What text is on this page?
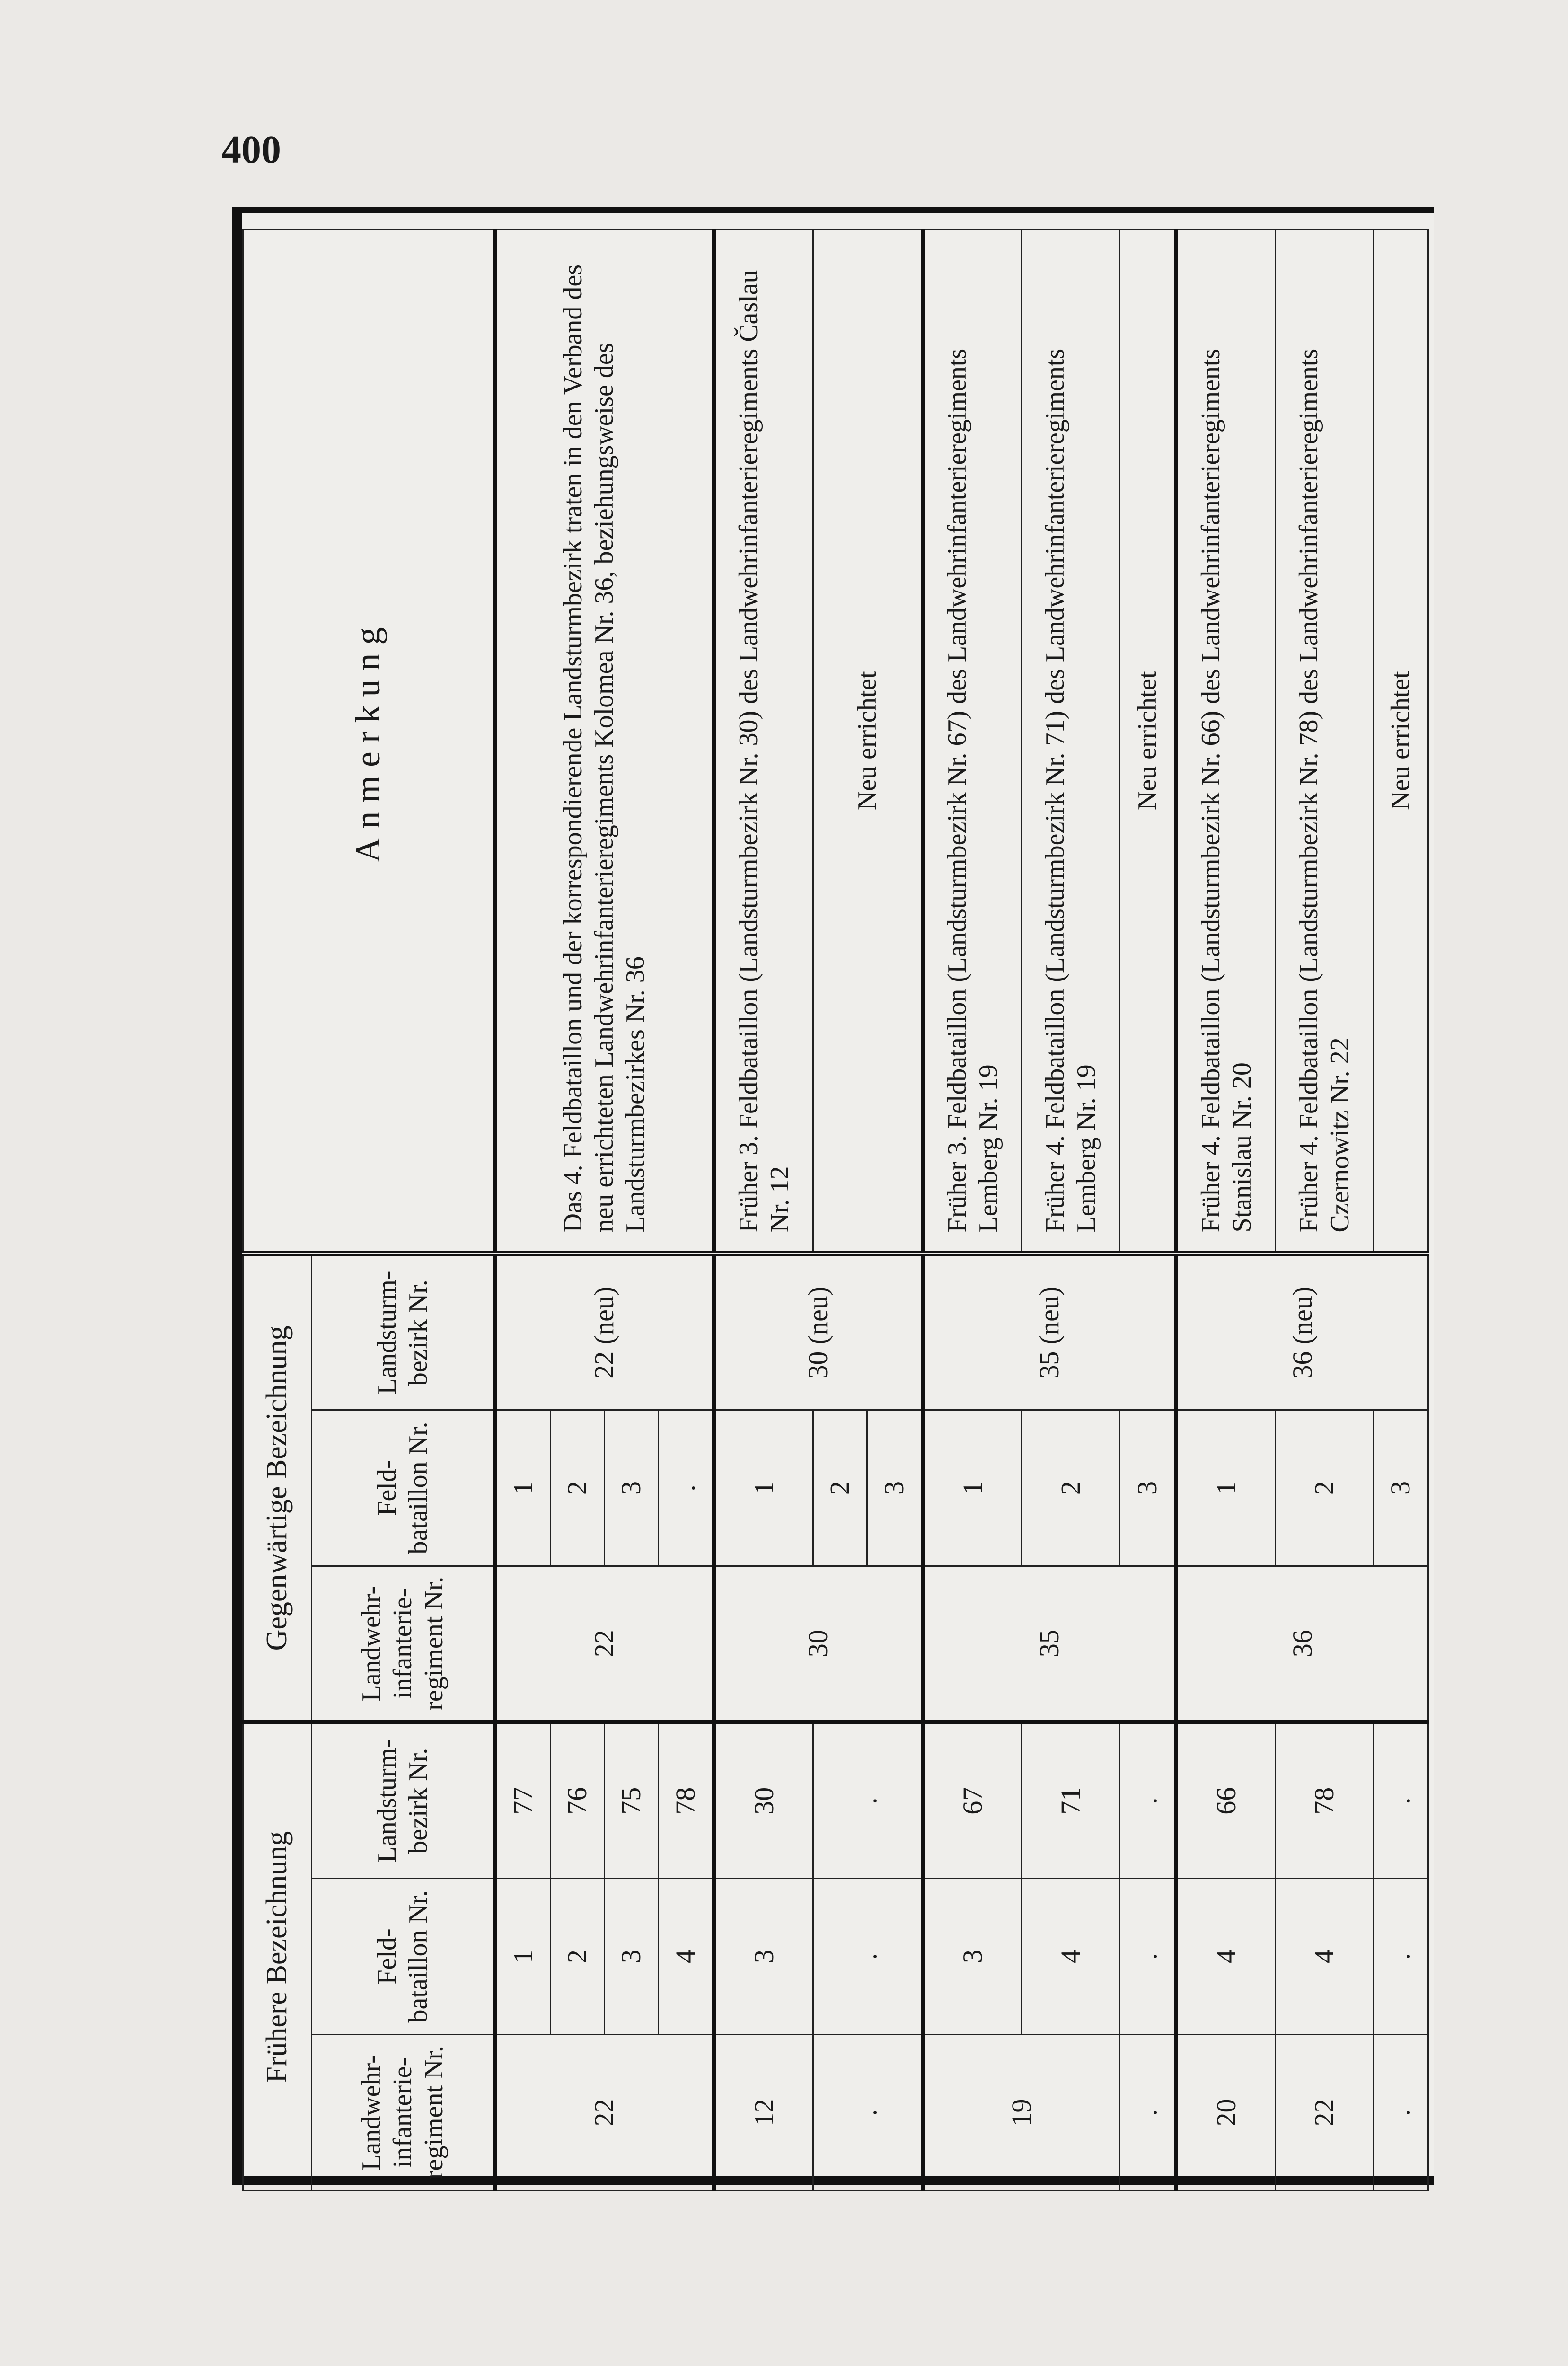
400
Frühere Bezeichnung			Gegenwärtige Bezeichnung			Anmerkung
Landwehr-infanterie-regiment Nr.	Feld-bataillon Nr.	Landsturm-bezirk Nr.	Landwehr-infanterie-regiment Nr.	Feld-bataillon Nr.	Landsturm-bezirk Nr.	
22	1	77	22	1	22 (neu)	Das 4. Feldbataillon und der korrespondierende Landsturmbezirk traten in den Verband des neu errichteten Landwehrinfanterieregiments Kolomea Nr. 36, beziehungsweise des Landsturmbezirkes Nr. 36
	2	76		2		
	3	75		3		
	4	78		.		
12	3	30	30	1	30 (neu)	Früher 3. Feldbataillon (Landsturmbezirk Nr. 30) des Landwehrinfanterieregiments Časlau Nr. 12
.	.	.		2		Neu errichtet
				3		
19	3	67	35	1	35 (neu)	Früher 3. Feldbataillon (Landsturmbezirk Nr. 67) des Landwehrinfanterieregiments Lemberg Nr. 19
	4	71		2		Früher 4. Feldbataillon (Landsturmbezirk Nr. 71) des Landwehrinfanterieregiments Lemberg Nr. 19
.	.	.		3		Neu errichtet
20	4	66	36	1	36 (neu)	Früher 4. Feldbataillon (Landsturmbezirk Nr. 66) des Landwehrinfanterieregiments Stanislau Nr. 20
22	4	78		2		Früher 4. Feldbataillon (Landsturmbezirk Nr. 78) des Landwehrinfanterieregiments Czernowitz Nr. 22
.	.	.		3		Neu errichtet
